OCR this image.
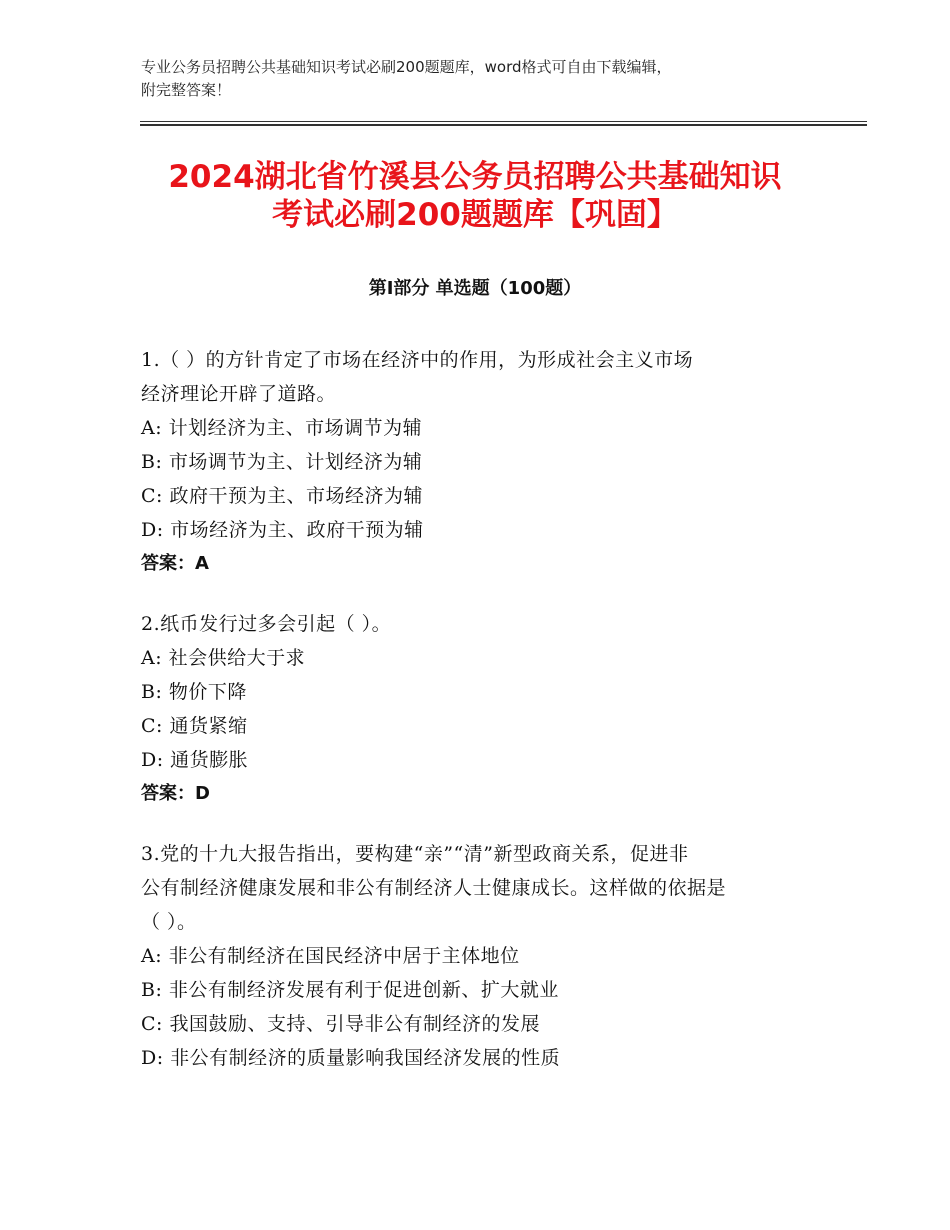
专业公务员招聘公共基础知识考试必刷200题题库，word格式可自由下载编辑，
附完整答案！
2024湖北省竹溪县公务员招聘公共基础知识
考试必刷200题题库【巩固】
第Ⅰ部分 单选题（100题）

1.（ ）的方针肯定了市场在经济中的作用，为形成社会主义市场

经济理论开辟了道路。

A: 计划经济为主、市场调节为辅

B: 市场调节为主、计划经济为辅

C: 政府干预为主、市场经济为辅

D: 市场经济为主、政府干预为辅

答案：A

2.纸币发行过多会引起（ ）。

A: 社会供给大于求

B: 物价下降

C: 通货紧缩

D: 通货膨胀

答案：D

3.党的十九大报告指出，要构建“亲”“清”新型政商关系，促进非

公有制经济健康发展和非公有制经济人士健康成长。这样做的依据是

（ ）。

A: 非公有制经济在国民经济中居于主体地位

B: 非公有制经济发展有利于促进创新、扩大就业

C: 我国鼓励、支持、引导非公有制经济的发展

D: 非公有制经济的质量影响我国经济发展的性质
